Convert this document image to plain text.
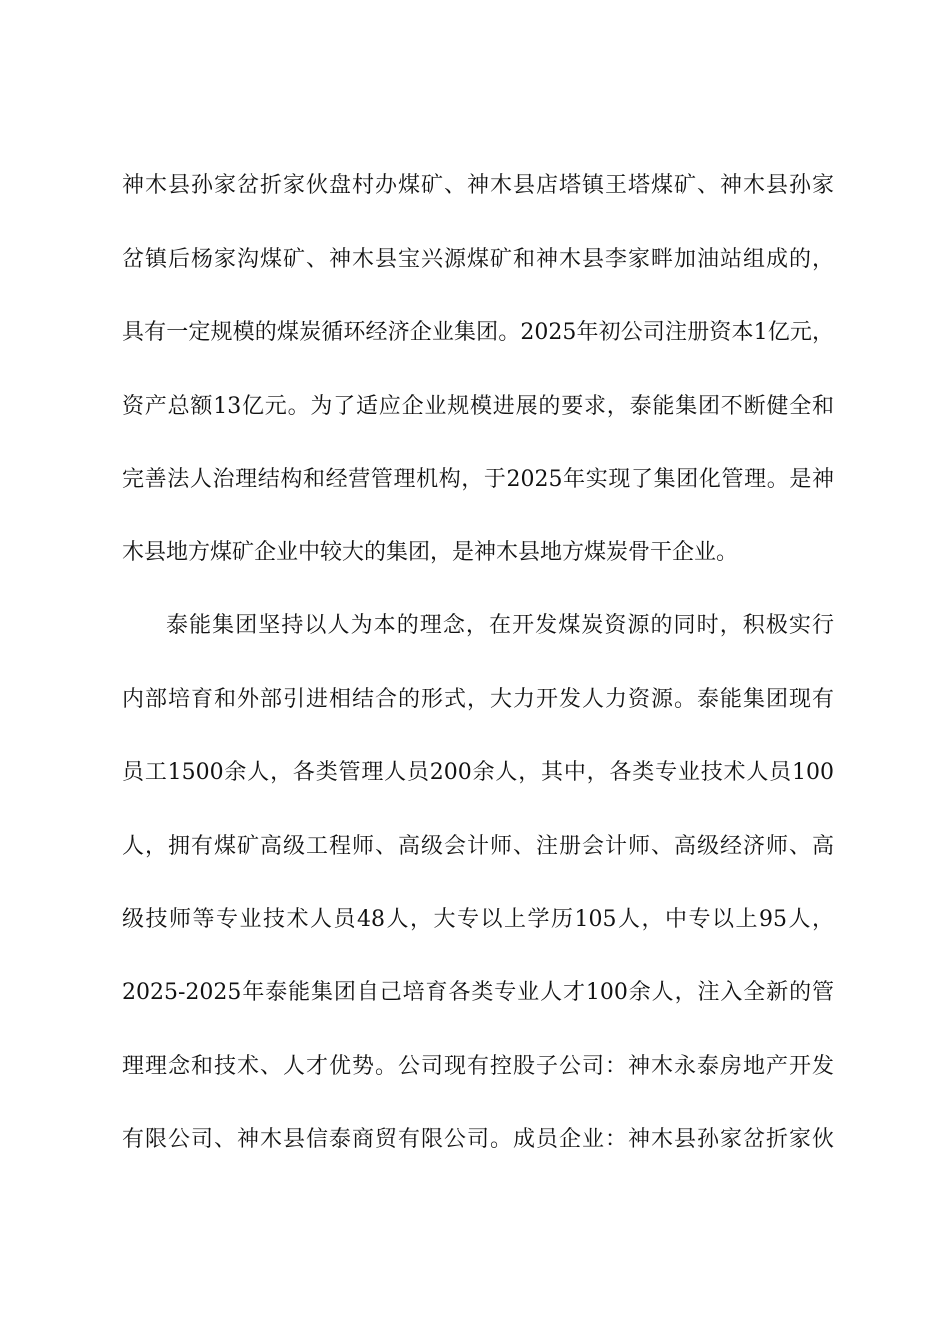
神木县孙家岔折家伙盘村办煤矿、神木县店塔镇王塔煤矿、神木县孙家
岔镇后杨家沟煤矿、神木县宝兴源煤矿和神木县李家畔加油站组成的，
具有一定规模的煤炭循环经济企业集团。2025年初公司注册资本1亿元，
资产总额13亿元。为了适应企业规模进展的要求，泰能集团不断健全和
完善法人治理结构和经营管理机构，于2025年实现了集团化管理。是神
木县地方煤矿企业中较大的集团，是神木县地方煤炭骨干企业。
泰能集团坚持以人为本的理念，在开发煤炭资源的同时，积极实行
内部培育和外部引进相结合的形式，大力开发人力资源。泰能集团现有
员工1500余人，各类管理人员200余人，其中，各类专业技术人员100
人，拥有煤矿高级工程师、高级会计师、注册会计师、高级经济师、高
级技师等专业技术人员48人，大专以上学历105人，中专以上95人，
2025-2025年泰能集团自己培育各类专业人才100余人，注入全新的管
理理念和技术、人才优势。公司现有控股子公司：神木永泰房地产开发
有限公司、神木县信泰商贸有限公司。成员企业：神木县孙家岔折家伙
